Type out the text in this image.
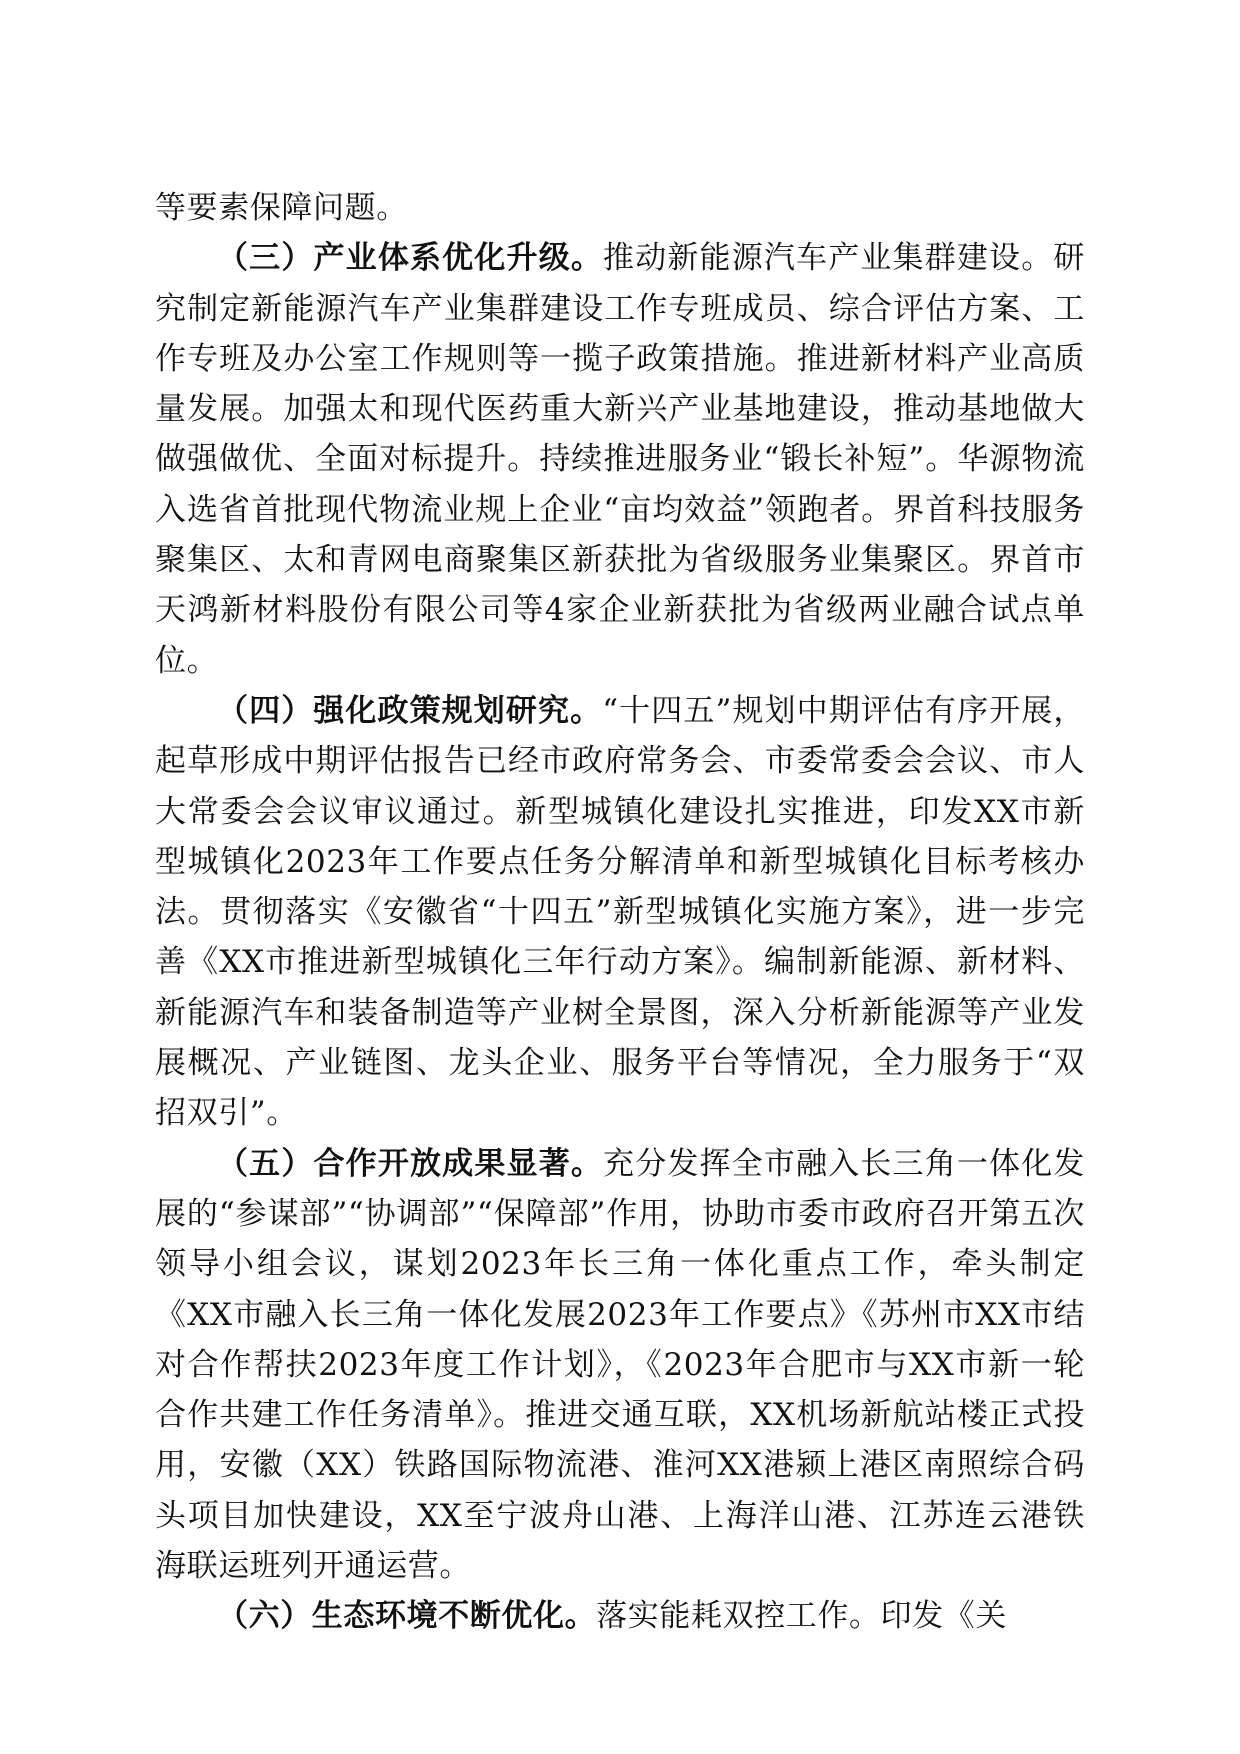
等要素保障问题。

（三）产业体系优化升级。推动新能源汽车产业集群建设。研究制定新能源汽车产业集群建设工作专班成员、综合评估方案、工作专班及办公室工作规则等一揽子政策措施。推进新材料产业高质量发展。加强太和现代医药重大新兴产业基地建设，推动基地做大做强做优、全面对标提升。持续推进服务业“锻长补短”。华源物流入选省首批现代物流业规上企业“亩均效益”领跑者。界首科技服务聚集区、太和青网电商聚集区新获批为省级服务业集聚区。界首市天鸿新材料股份有限公司等4家企业新获批为省级两业融合试点单位。

（四）强化政策规划研究。“十四五”规划中期评估有序开展，起草形成中期评估报告已经市政府常务会、市委常委会会议、市人大常委会会议审议通过。新型城镇化建设扎实推进，印发XX市新型城镇化2023年工作要点任务分解清单和新型城镇化目标考核办法。贯彻落实《安徽省“十四五”新型城镇化实施方案》，进一步完善《XX市推进新型城镇化三年行动方案》。编制新能源、新材料、新能源汽车和装备制造等产业树全景图，深入分析新能源等产业发展概况、产业链图、龙头企业、服务平台等情况，全力服务于“双招双引”。

（五）合作开放成果显著。充分发挥全市融入长三角一体化发展的“参谋部”“协调部”“保障部”作用，协助市委市政府召开第五次领导小组会议，谋划2023年长三角一体化重点工作，牵头制定《XX市融入长三角一体化发展2023年工作要点》《苏州市XX市结对合作帮扶2023年度工作计划》，《2023年合肥市与XX市新一轮合作共建工作任务清单》。推进交通互联，XX机场新航站楼正式投用，安徽（XX）铁路国际物流港、淮河XX港颍上港区南照综合码头项目加快建设，XX至宁波舟山港、上海洋山港、江苏连云港铁海联运班列开通运营。

（六）生态环境不断优化。落实能耗双控工作。印发《关
